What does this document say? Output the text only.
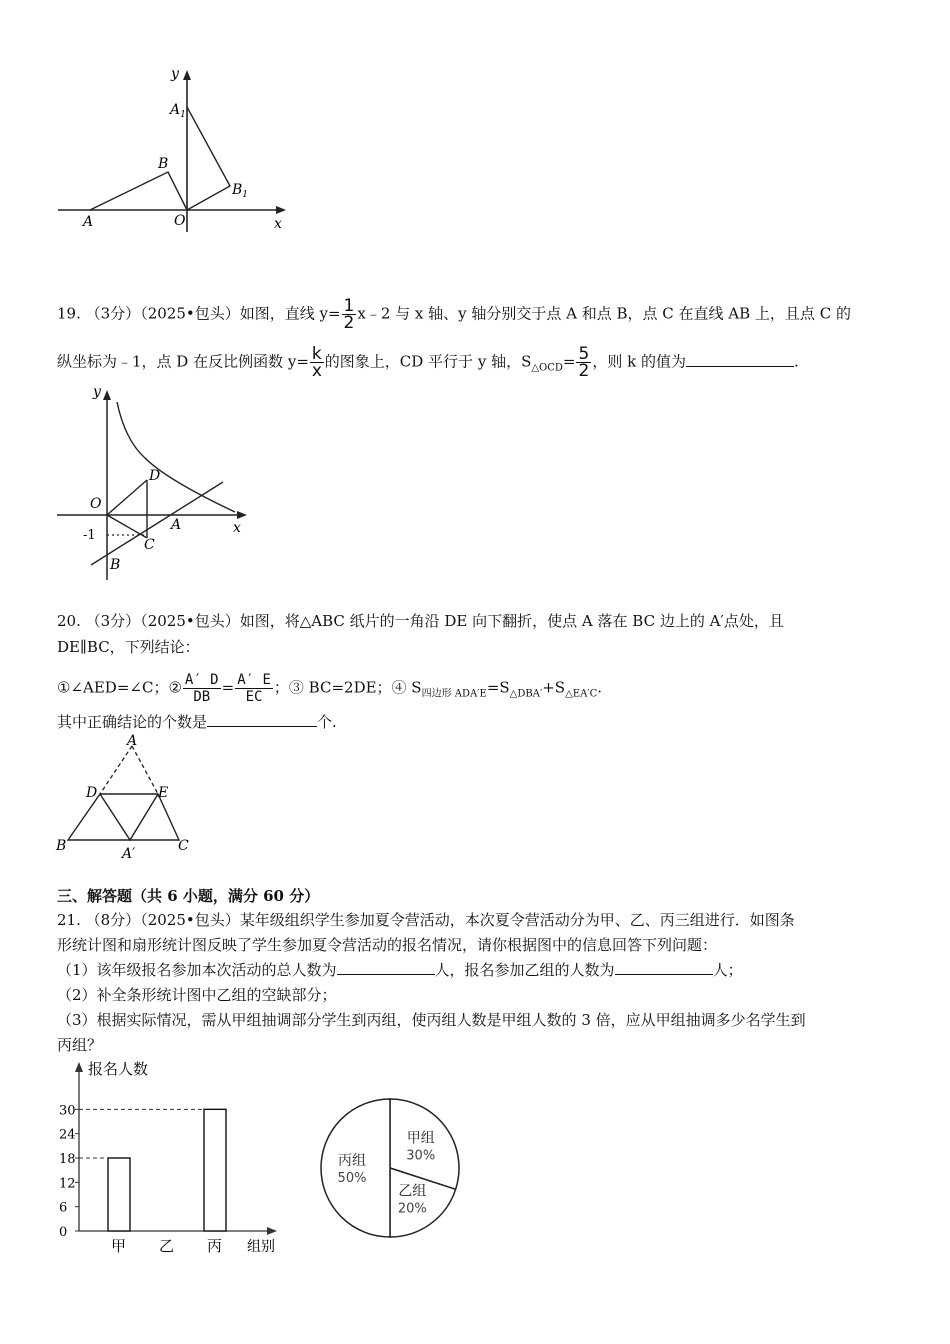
y
x
$A_1$
B
$B_1$
A	O
19. （3分）（2025•包头）如图，直线 $y= \frac{1}{2}$ x﹣2 与 x 轴、y 轴分别交于点 A 和点 B，点 C 在直线 AB 上，且点 C 的
纵坐标为﹣1，点 D 在反比例函数 $y= \frac{k}{x}$ 的图象上，CD 平行于 y 轴，$S_{\triangle OCD}= \frac{5}{2}$ ，则 k 的值为	.
y
x
O
D
A
C
B
-1
20. （3分）（2025•包头）如图，将△ABC 纸片的一角沿 DE 向下翻折，使点 A 落在 BC 边上的 A′点处，且
DE∥BC，下列结论：
①∠AED=∠C；② $\frac{A' D}{DB} = \frac{A' E}{EC}$ ；③ BC=2DE；④ $S_{四边形 ADA'E}=S_{\triangle DBA'}+S_{\triangle EA'C}$.
其中正确结论的个数是	个.
A
D	E
B	A′	C
三、解答题（共 6 小题，满分 60 分）
21. （8分）（2025•包头）某年级组织学生参加夏令营活动，本次夏令营活动分为甲、乙、丙三组进行．如图条
形统计图和扇形统计图反映了学生参加夏令营活动的报名情况，请你根据图中的信息回答下列问题：
（1）该年级报名参加本次活动的总人数为	人，报名参加乙组的人数为	人；
（2）补全条形统计图中乙组的空缺部分；
（3）根据实际情况，需从甲组抽调部分学生到丙组，使丙组人数是甲组人数的 3 倍，应从甲组抽调多少名学生到
丙组？
报名人数
组别
0
6
12
18
24
30
甲 乙 丙
甲组
30%
乙组
20%
丙组
50%
